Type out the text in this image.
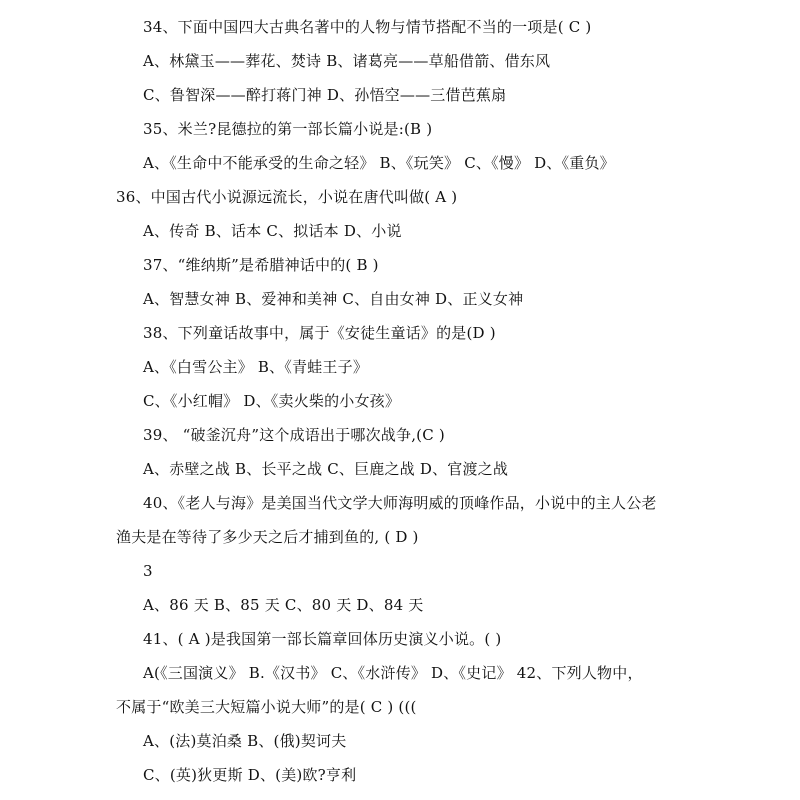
34、下面中国四大古典名著中的人物与情节搭配不当的一项是( C )
A、林黛玉——葬花、焚诗 B、诸葛亮——草船借箭、借东风
C、鲁智深——醉打蒋门神 D、孙悟空——三借芭蕉扇
35、米兰?昆德拉的第一部长篇小说是:(B )
A、《生命中不能承受的生命之轻》 B、《玩笑》 C、《慢》 D、《重负》
36、中国古代小说源远流长，小说在唐代叫做( A )
A、传奇 B、话本 C、拟话本 D、小说
37、“维纳斯”是希腊神话中的( B )
A、智慧女神 B、爱神和美神 C、自由女神 D、正义女神
38、下列童话故事中，属于《安徒生童话》的是(D )
A、《白雪公主》 B、《青蛙王子》
C、《小红帽》 D、《卖火柴的小女孩》
39、 “破釜沉舟”这个成语出于哪次战争,(C )
A、赤壁之战 B、长平之战 C、巨鹿之战 D、官渡之战
40、《老人与海》是美国当代文学大师海明威的顶峰作品，小说中的主人公老
渔夫是在等待了多少天之后才捕到鱼的, ( D )
3
A、86 天 B、85 天 C、80 天 D、84 天
41、( A )是我国第一部长篇章回体历史演义小说。( )
A(《三国演义》 B.《汉书》 C、《水浒传》 D、《史记》 42、下列人物中，
不属于“欧美三大短篇小说大师”的是( C ) (((
A、(法)莫泊桑 B、(俄)契诃夫
C、(英)狄更斯 D、(美)欧?亨利
